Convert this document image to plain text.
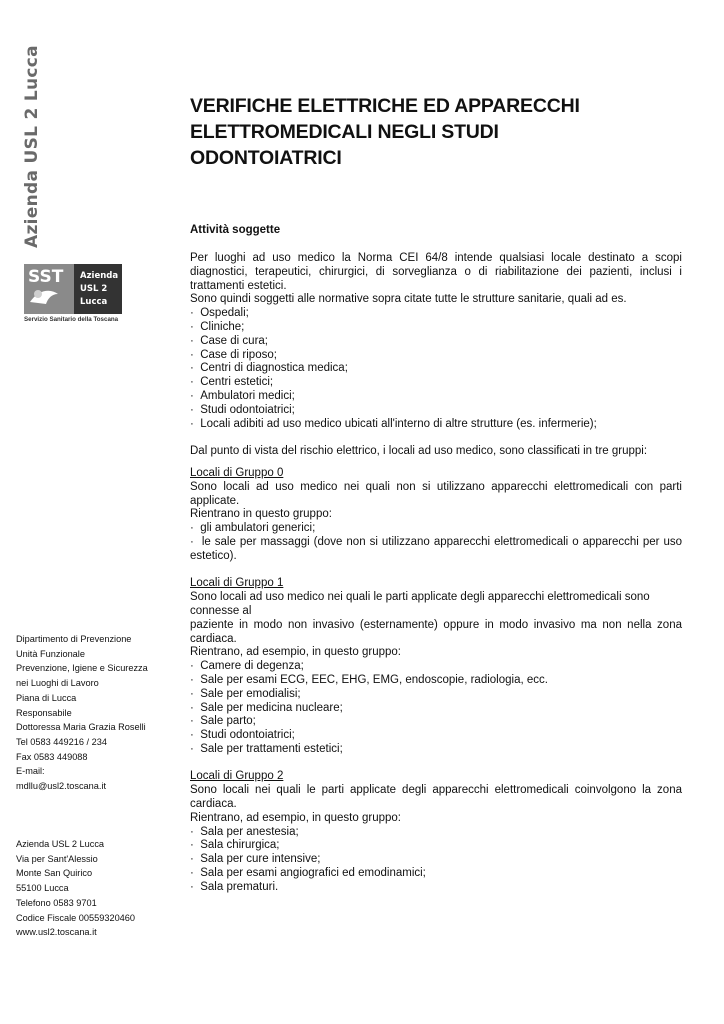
Azienda USL 2 Lucca
SST Azienda
USL 2
Lucca
Servizio Sanitario della Toscana
Dipartimento di Prevenzione
Unità Funzionale
Prevenzione, Igiene e Sicurezza
nei Luoghi di Lavoro
Piana di Lucca
Responsabile
Dottoressa Maria Grazia Roselli
Tel 0583 449216 / 234
Fax 0583 449088
E-mail:
mdllu@usl2.toscana.it
Azienda USL 2 Lucca
Via per Sant'Alessio
Monte San Quirico
55100 Lucca
Telefono 0583 9701
Codice Fiscale 00559320460
www.usl2.toscana.it
VERIFICHE ELETTRICHE ED APPARECCHI
ELETTROMEDICALI NEGLI STUDI
ODONTOIATRICI
Attività soggette

Per luoghi ad uso medico la Norma CEI 64/8 intende qualsiasi locale destinato a scopi diagnostici, terapeutici, chirurgici, di sorveglianza o di riabilitazione dei pazienti, inclusi i trattamenti estetici.

Sono quindi soggetti alle normative sopra citate tutte le strutture sanitarie, quali ad es.

·  Ospedali;
·  Cliniche;
·  Case di cura;
·  Case di riposo;
·  Centri di diagnostica medica;
·  Centri estetici;
·  Ambulatori medici;
·  Studi odontoiatrici;
·  Locali adibiti ad uso medico ubicati all'interno di altre strutture (es. infermerie);

Dal punto di vista del rischio elettrico, i locali ad uso medico, sono classificati in tre gruppi:

Locali di Gruppo 0

Sono locali ad uso medico nei quali non si utilizzano apparecchi elettromedicali con parti applicate.

Rientrano in questo gruppo:

·  gli ambulatori generici;
·  le sale per massaggi (dove non si utilizzano apparecchi elettromedicali o apparecchi per uso estetico).
Locali di Gruppo 1

Sono locali ad uso medico nei quali le parti applicate degli apparecchi elettromedicali sono connesse al

paziente in modo non invasivo (esternamente) oppure in modo invasivo ma non nella zona cardiaca.

Rientrano, ad esempio, in questo gruppo:

·  Camere di degenza;
·  Sale per esami ECG, EEC, EHG, EMG, endoscopie, radiologia, ecc.
·  Sale per emodialisi;
·  Sale per medicina nucleare;
·  Sale parto;
·  Studi odontoiatrici;
·  Sale per trattamenti estetici;
Locali di Gruppo 2

Sono locali nei quali le parti applicate degli apparecchi elettromedicali coinvolgono la zona cardiaca.

Rientrano, ad esempio, in questo gruppo:

·  Sala per anestesia;
·  Sala chirurgica;
·  Sala per cure intensive;
·  Sala per esami angiografici ed emodinamici;
·  Sala prematuri.
